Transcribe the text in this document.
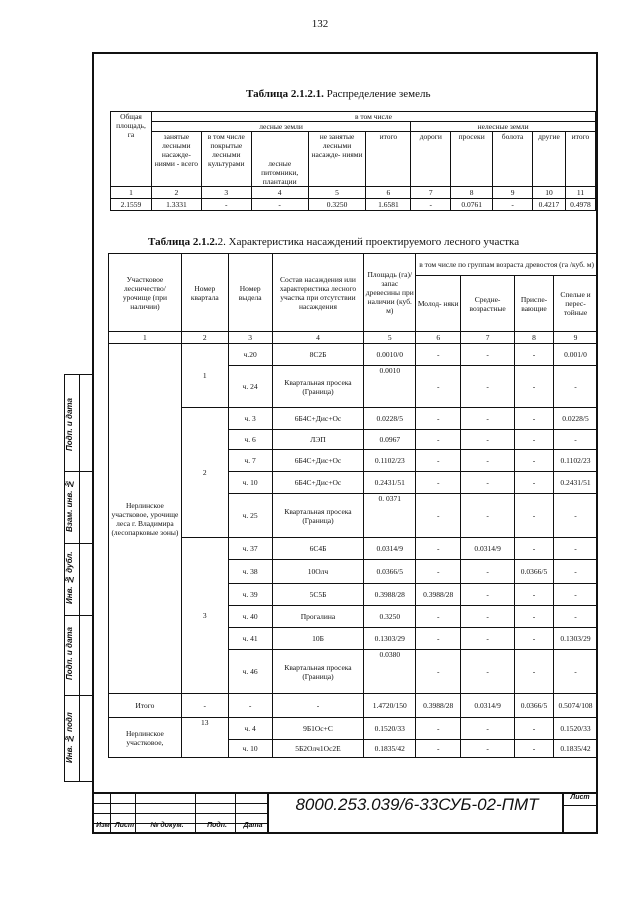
132
Таблица 2.1.2.1. Распределение земель
Общая площадь, га	в том числе									
	лесные земли					нелесные земли				
	занятые лесными насажде- ниями - всего	в том числе покрытые лесными культурами	лесные питомники, плантации	не занятые лесными насажде- ниями	итого	дороги	просеки	болота	другие	итого
1	2	3	4	5	6	7	8	9	10	11
2.1559	1.3331	-	-	0.3250	1.6581	-	0.0761	-	0.4217	0.4978
Таблица 2.1.2.2. Характеристика насаждений проектируемого лесного участка
Участковое лесничество/ урочище (при наличии)	Номер квартала	Номер выдела	Состав насаждения или характеристика лесного участка при отсутствии насаждения	Площадь (га)/ запас древесины при наличии (куб. м)	в том числе по группам возраста древостоя (га /куб. м)			
					Молод- няки	Средне- возрастные	Приспе- вающие	Спелые и перес- тойные
1	2	3	4	5	6	7	8	9
Нерлинское участковое, урочище леса г. Владимира (лесопарковые зоны)	1	ч.20	8С2Б	0.0010/0	-	-	-	0.001/0
		ч. 24	Квартальная просека (Граница)	0.0010	-	-	-	-
	2	ч. 3	6Б4С+Дис+Ос	0.0228/5	-	-	-	0.0228/5
		ч. 6	ЛЭП	0.0967	-	-	-	-
		ч. 7	6Б4С+Дис+Ос	0.1102/23	-	-	-	0.1102/23
		ч. 10	6Б4С+Дис+Ос	0.2431/51	-	-	-	0.2431/51
		ч. 25	Квартальная просека (Граница)	0. 0371	-	-	-	-
	3	ч. 37	6С4Б	0.0314/9	-	0.0314/9	-	-
		ч. 38	10Олч	0.0366/5	-	-	0.0366/5	-
		ч. 39	5С5Б	0.3988/28	0.3988/28	-	-	-
		ч. 40	Прогалина	0.3250	-	-	-	-
		ч. 41	10Б	0.1303/29	-	-	-	0.1303/29
		ч. 46	Квартальная просека (Граница)	0.0380	-	-	-	-
Итого	-	-	-	1.4720/150	0.3988/28	0.0314/9	0.0366/5	0.5074/108
Нерлинское участковое,	13	ч. 4	9Б1Ос+С	0.1520/33	-	-	-	0.1520/33
		ч. 10	5Б2Олч1Ос2Е	0.1835/42	-	-	-	0.1835/42
Подп. и дата
Взам. инв. №
Инв. № дубл.
Подп. и дата
Инв. № подл
Изм Лист	№ докум.	Подп.	Дата
8000.253.039/6-33СУБ-02-ПМТ	Лист
